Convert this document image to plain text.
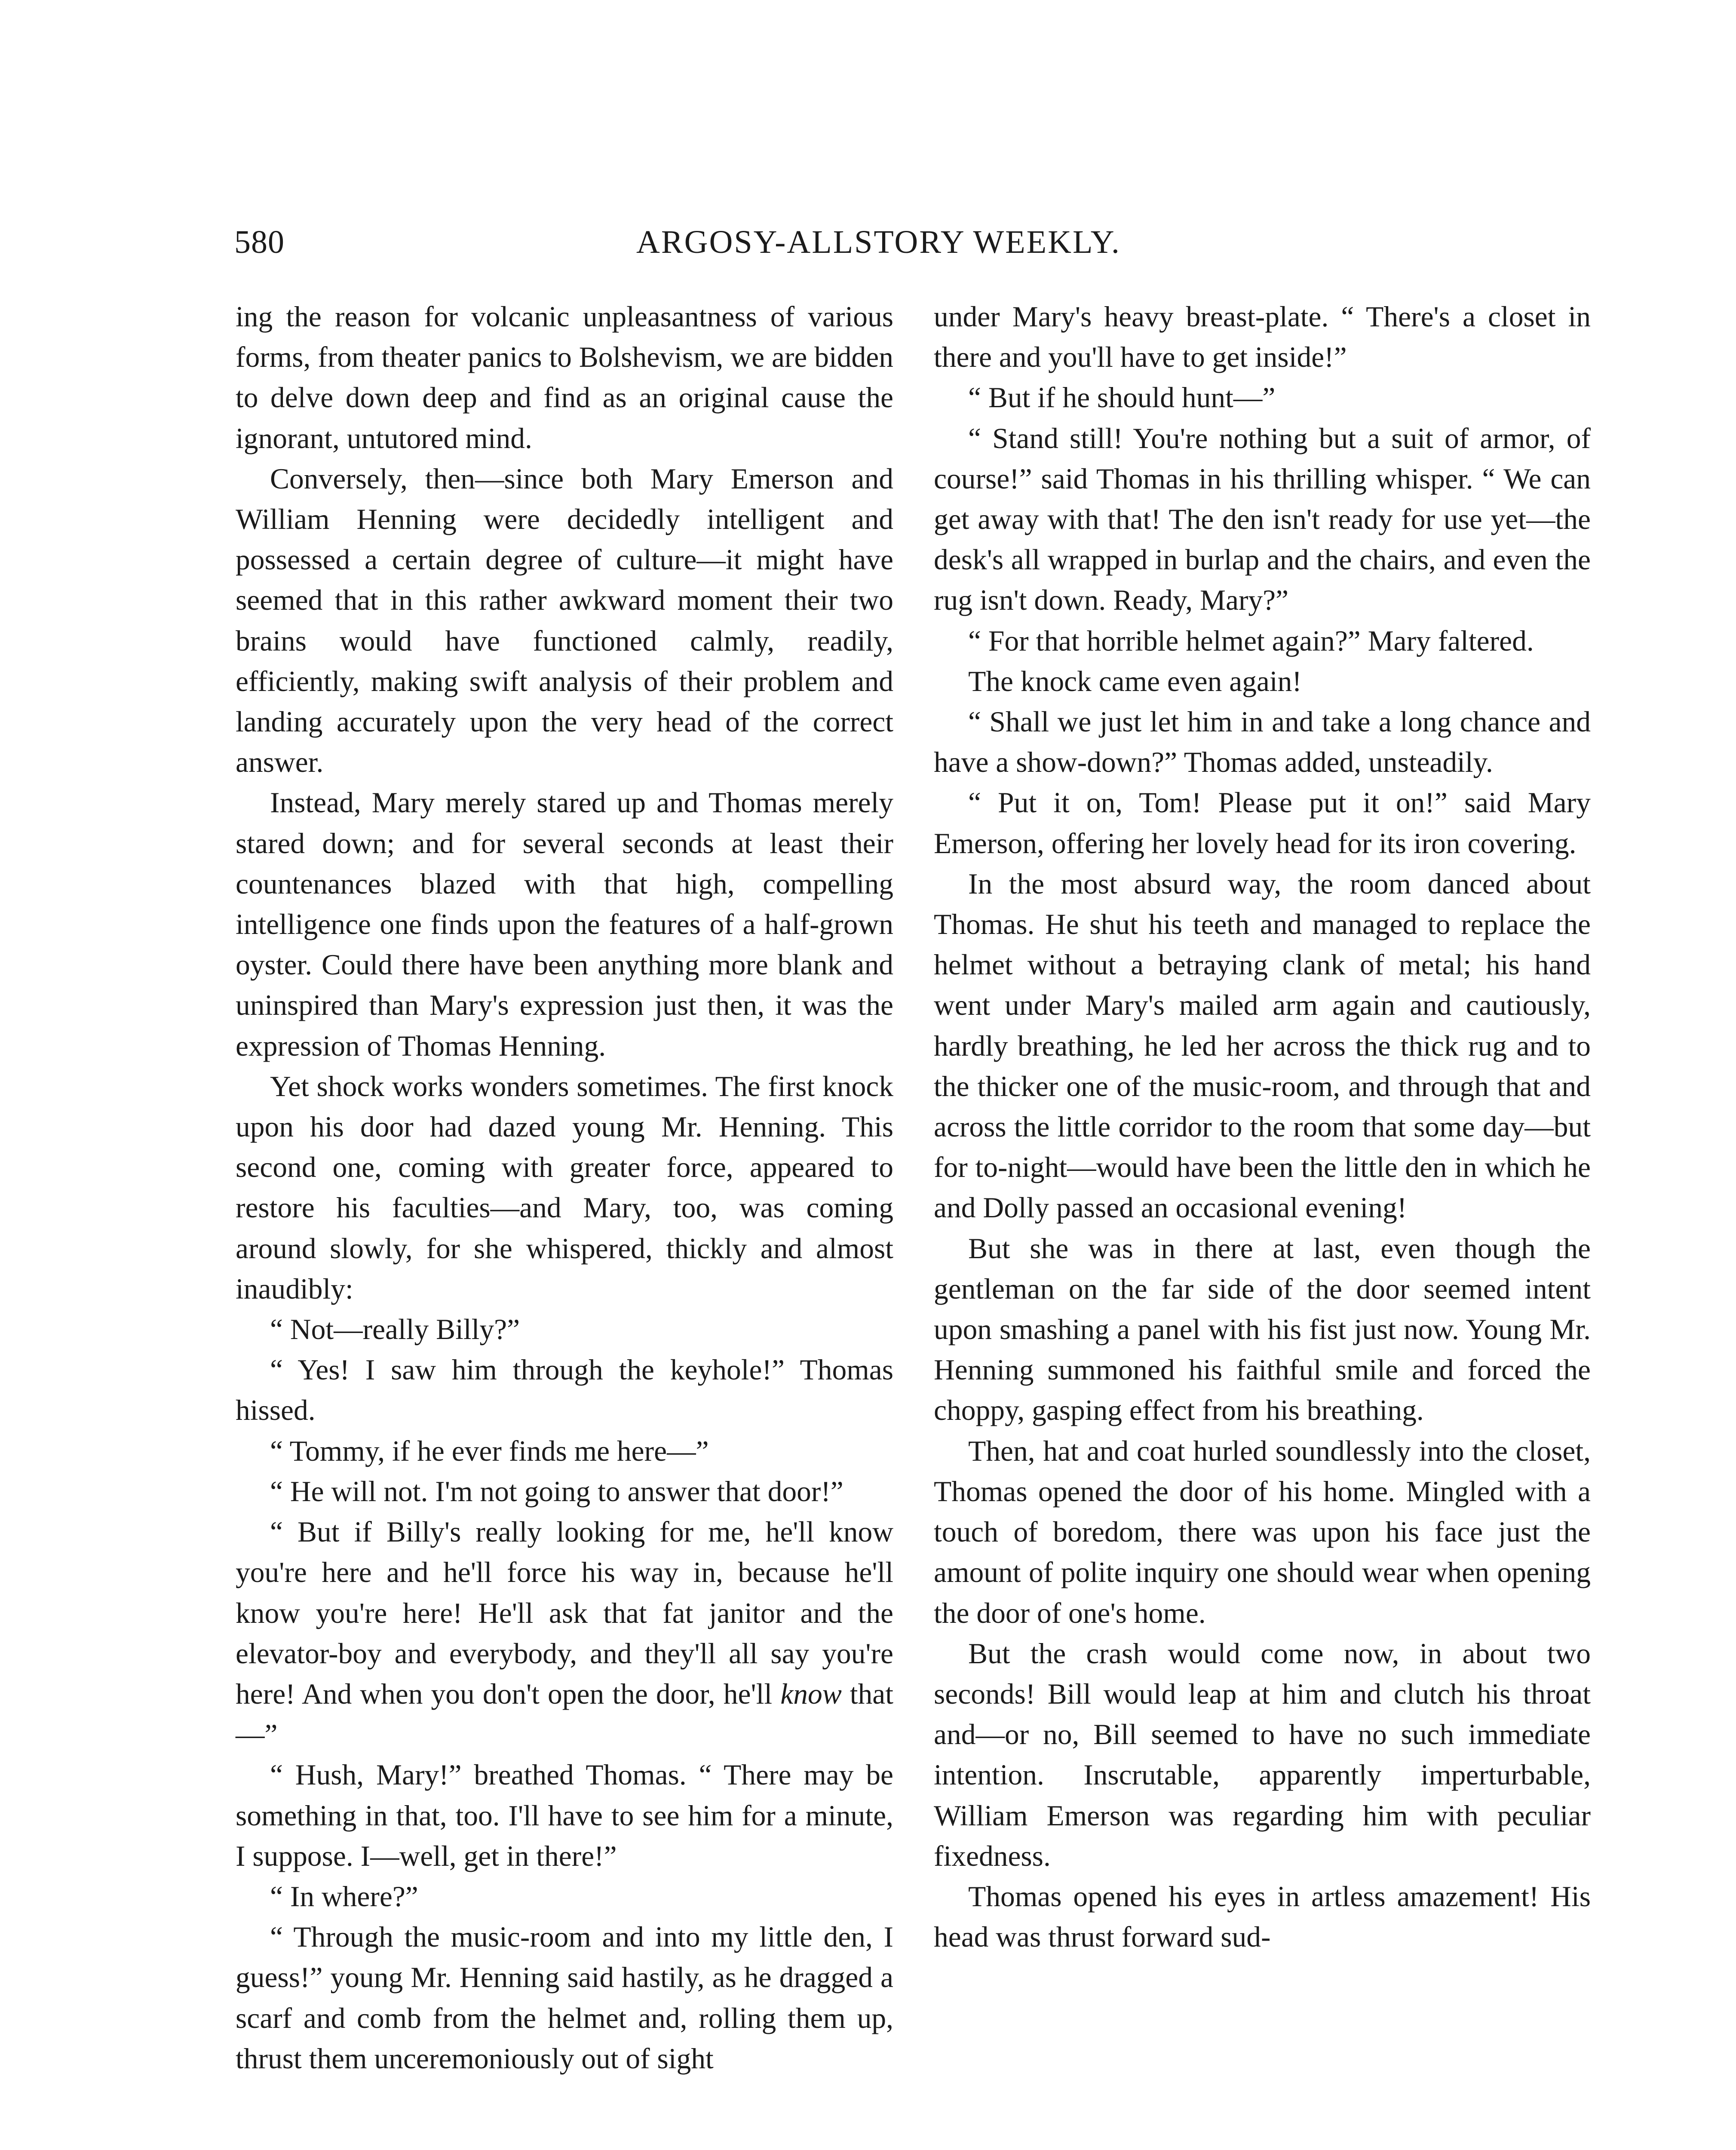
580	ARGOSY-ALLSTORY WEEKLY.

ing the reason for volcanic unpleasantness of various forms, from theater panics to Bolshevism, we are bidden to delve down deep and find as an original cause the ignorant, untutored mind.

Conversely, then—since both Mary Emerson and William Henning were decidedly intelligent and possessed a certain degree of culture—it might have seemed that in this rather awkward moment their two brains would have functioned calmly, readily, efficiently, making swift analysis of their problem and landing accurately upon the very head of the correct answer.

Instead, Mary merely stared up and Thomas merely stared down; and for several seconds at least their countenances blazed with that high, compelling intelligence one finds upon the features of a half-grown oyster. Could there have been anything more blank and uninspired than Mary's expression just then, it was the expression of Thomas Henning.

Yet shock works wonders sometimes. The first knock upon his door had dazed young Mr. Henning. This second one, coming with greater force, appeared to restore his faculties—and Mary, too, was coming around slowly, for she whispered, thickly and almost inaudibly:

“ Not—really Billy?”

“ Yes! I saw him through the keyhole!” Thomas hissed.

“ Tommy, if he ever finds me here—”

“ He will not. I'm not going to answer that door!”

“ But if Billy's really looking for me, he'll know you're here and he'll force his way in, because he'll know you're here! He'll ask that fat janitor and the elevator-boy and everybody, and they'll all say you're here! And when you don't open the door, he'll know that—”

“ Hush, Mary!” breathed Thomas. “ There may be something in that, too. I'll have to see him for a minute, I suppose. I—well, get in there!”

“ In where?”

“ Through the music-room and into my little den, I guess!” young Mr. Henning said hastily, as he dragged a scarf and comb from the helmet and, rolling them up, thrust them unceremoniously out of sight

under Mary's heavy breast-plate. “ There's a closet in there and you'll have to get inside!”

“ But if he should hunt—”

“ Stand still! You're nothing but a suit of armor, of course!” said Thomas in his thrilling whisper. “ We can get away with that! The den isn't ready for use yet—the desk's all wrapped in burlap and the chairs, and even the rug isn't down. Ready, Mary?”

“ For that horrible helmet again?” Mary faltered.

The knock came even again!

“ Shall we just let him in and take a long chance and have a show-down?” Thomas added, unsteadily.

“ Put it on, Tom! Please put it on!” said Mary Emerson, offering her lovely head for its iron covering.

In the most absurd way, the room danced about Thomas. He shut his teeth and managed to replace the helmet without a betraying clank of metal; his hand went under Mary's mailed arm again and cautiously, hardly breathing, he led her across the thick rug and to the thicker one of the music-room, and through that and across the little corridor to the room that some day—but for to-night—would have been the little den in which he and Dolly passed an occasional evening!

But she was in there at last, even though the gentleman on the far side of the door seemed intent upon smashing a panel with his fist just now. Young Mr. Henning summoned his faithful smile and forced the choppy, gasping effect from his breathing.

Then, hat and coat hurled soundlessly into the closet, Thomas opened the door of his home. Mingled with a touch of boredom, there was upon his face just the amount of polite inquiry one should wear when opening the door of one's home.

But the crash would come now, in about two seconds! Bill would leap at him and clutch his throat and—or no, Bill seemed to have no such immediate intention. Inscrutable, apparently imperturbable, William Emerson was regarding him with peculiar fixedness.

Thomas opened his eyes in artless amazement! His head was thrust forward sud-
